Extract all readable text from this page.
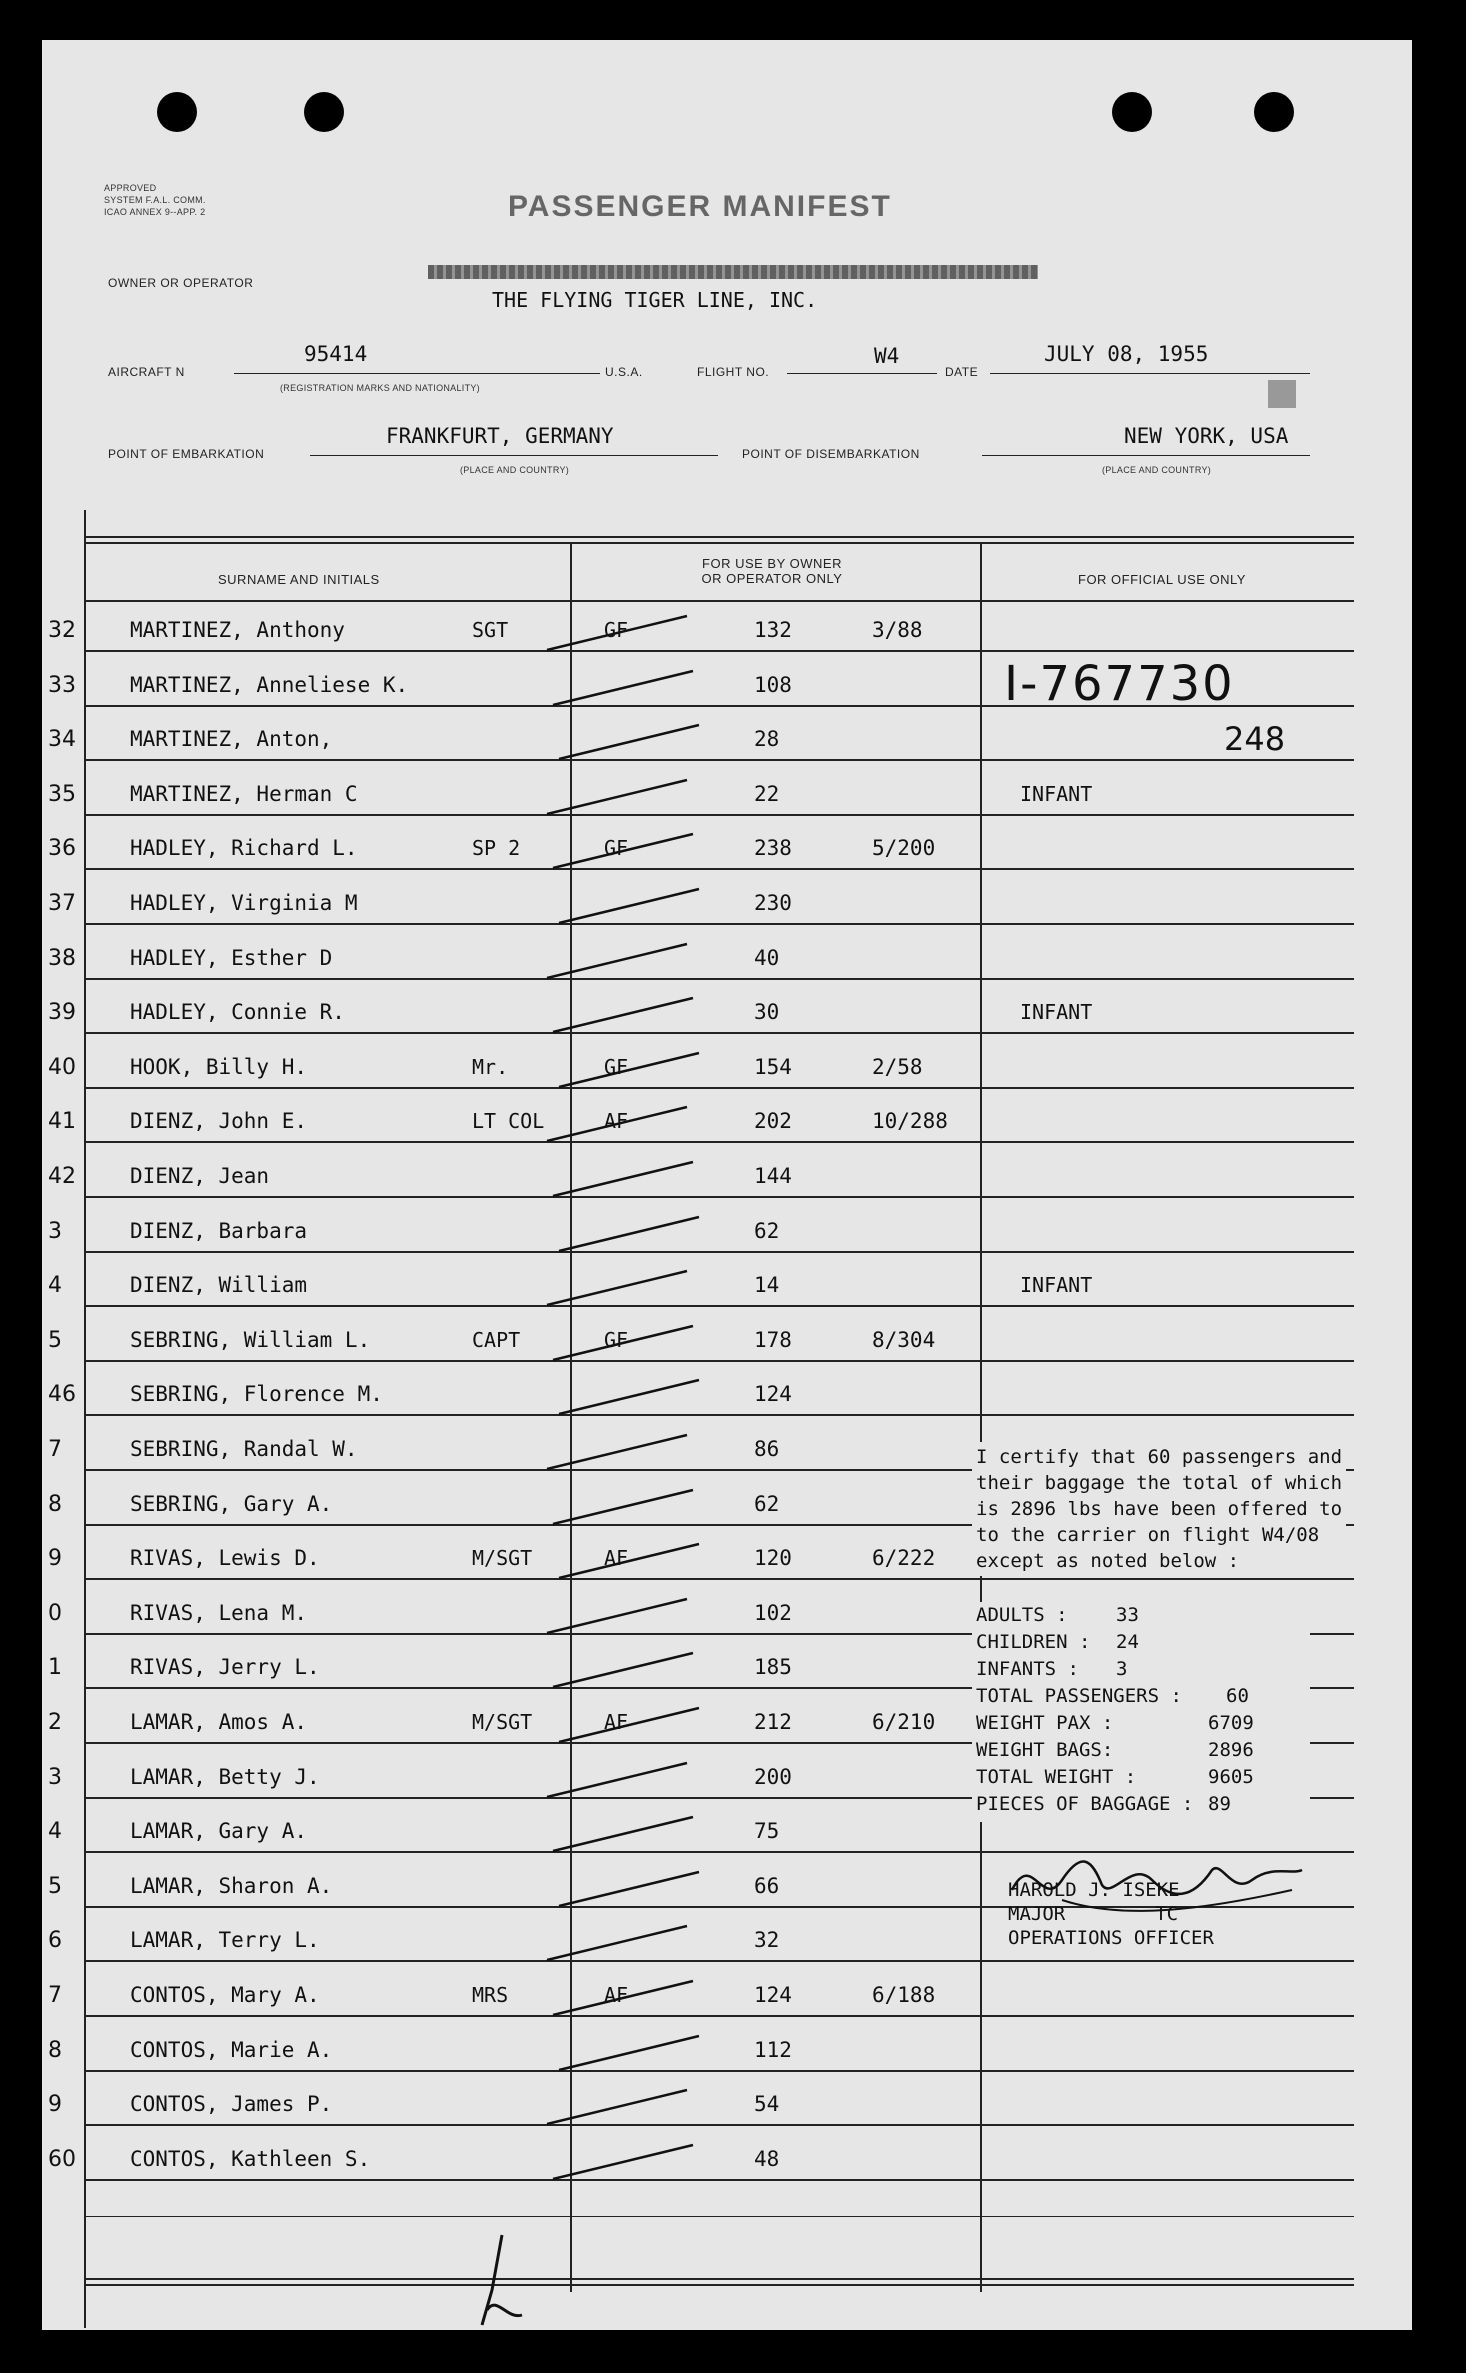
APPROVED
SYSTEM F.A.L. COMM.
ICAO ANNEX 9--APP. 2	PASSENGER MANIFEST
OWNER OR OPERATOR
THE FLYING TIGER LINE, INC.
AIRCRAFT N
95414
(REGISTRATION MARKS AND NATIONALITY)
U.S.A.	FLIGHT NO.
W4
DATE
JULY 08, 1955
POINT OF EMBARKATION
FRANKFURT, GERMANY
(PLACE AND COUNTRY)
POINT OF DISEMBARKATION
NEW YORK, USA
(PLACE AND COUNTRY)
SURNAME AND INITIALS
FOR USE BY OWNER
OR OPERATOR ONLY	FOR OFFICIAL USE ONLY
32	MARTINEZ, Anthony	SGT	GF	132	3/88
33	MARTINEZ, Anneliese K.	108
34	MARTINEZ, Anton,	28
35	MARTINEZ, Herman C	22	INFANT
36	HADLEY, Richard L.	SP 2	GF	238	5/200
37	HADLEY, Virginia M	230
38	HADLEY, Esther D	40
39	HADLEY, Connie R.	30	INFANT
40	HOOK, Billy H.	Mr.	GF	154	2/58
41	DIENZ, John E.	LT COL	AF	202	10/288
42	DIENZ, Jean	144
3	DIENZ, Barbara	62
4	DIENZ, William	14	INFANT
5	SEBRING, William L.	CAPT	GF	178	8/304
46	SEBRING, Florence M.	124
7	SEBRING, Randal W.	86
8	SEBRING, Gary A.	62
9	RIVAS, Lewis D.	M/SGT	AF	120	6/222
0	RIVAS, Lena M.	102
1	RIVAS, Jerry L.	185
2	LAMAR, Amos A.	M/SGT	AF	212	6/210
3	LAMAR, Betty J.	200
4	LAMAR, Gary A.	75
5	LAMAR, Sharon A.	66
6	LAMAR, Terry L.	32
7	CONTOS, Mary A.	MRS	AF	124	6/188
8	CONTOS, Marie A.	112
9	CONTOS, James P.	54
60	CONTOS, Kathleen S.	48
I-767730
248
I certify that 60 passengers and
their baggage the total of which
is 2896 lbs have been offered to
to the carrier on flight W4/08
except as noted below :
ADULTS :	33
CHILDREN : 24
INFANTS : 3
TOTAL PASSENGERS : 60
WEIGHT PAX :	6709
WEIGHT BAGS:	2896
TOTAL WEIGHT :	9605
PIECES OF BAGGAGE : 89
HAROLD J. ISEKE
MAJOR	TC
OPERATIONS OFFICER
